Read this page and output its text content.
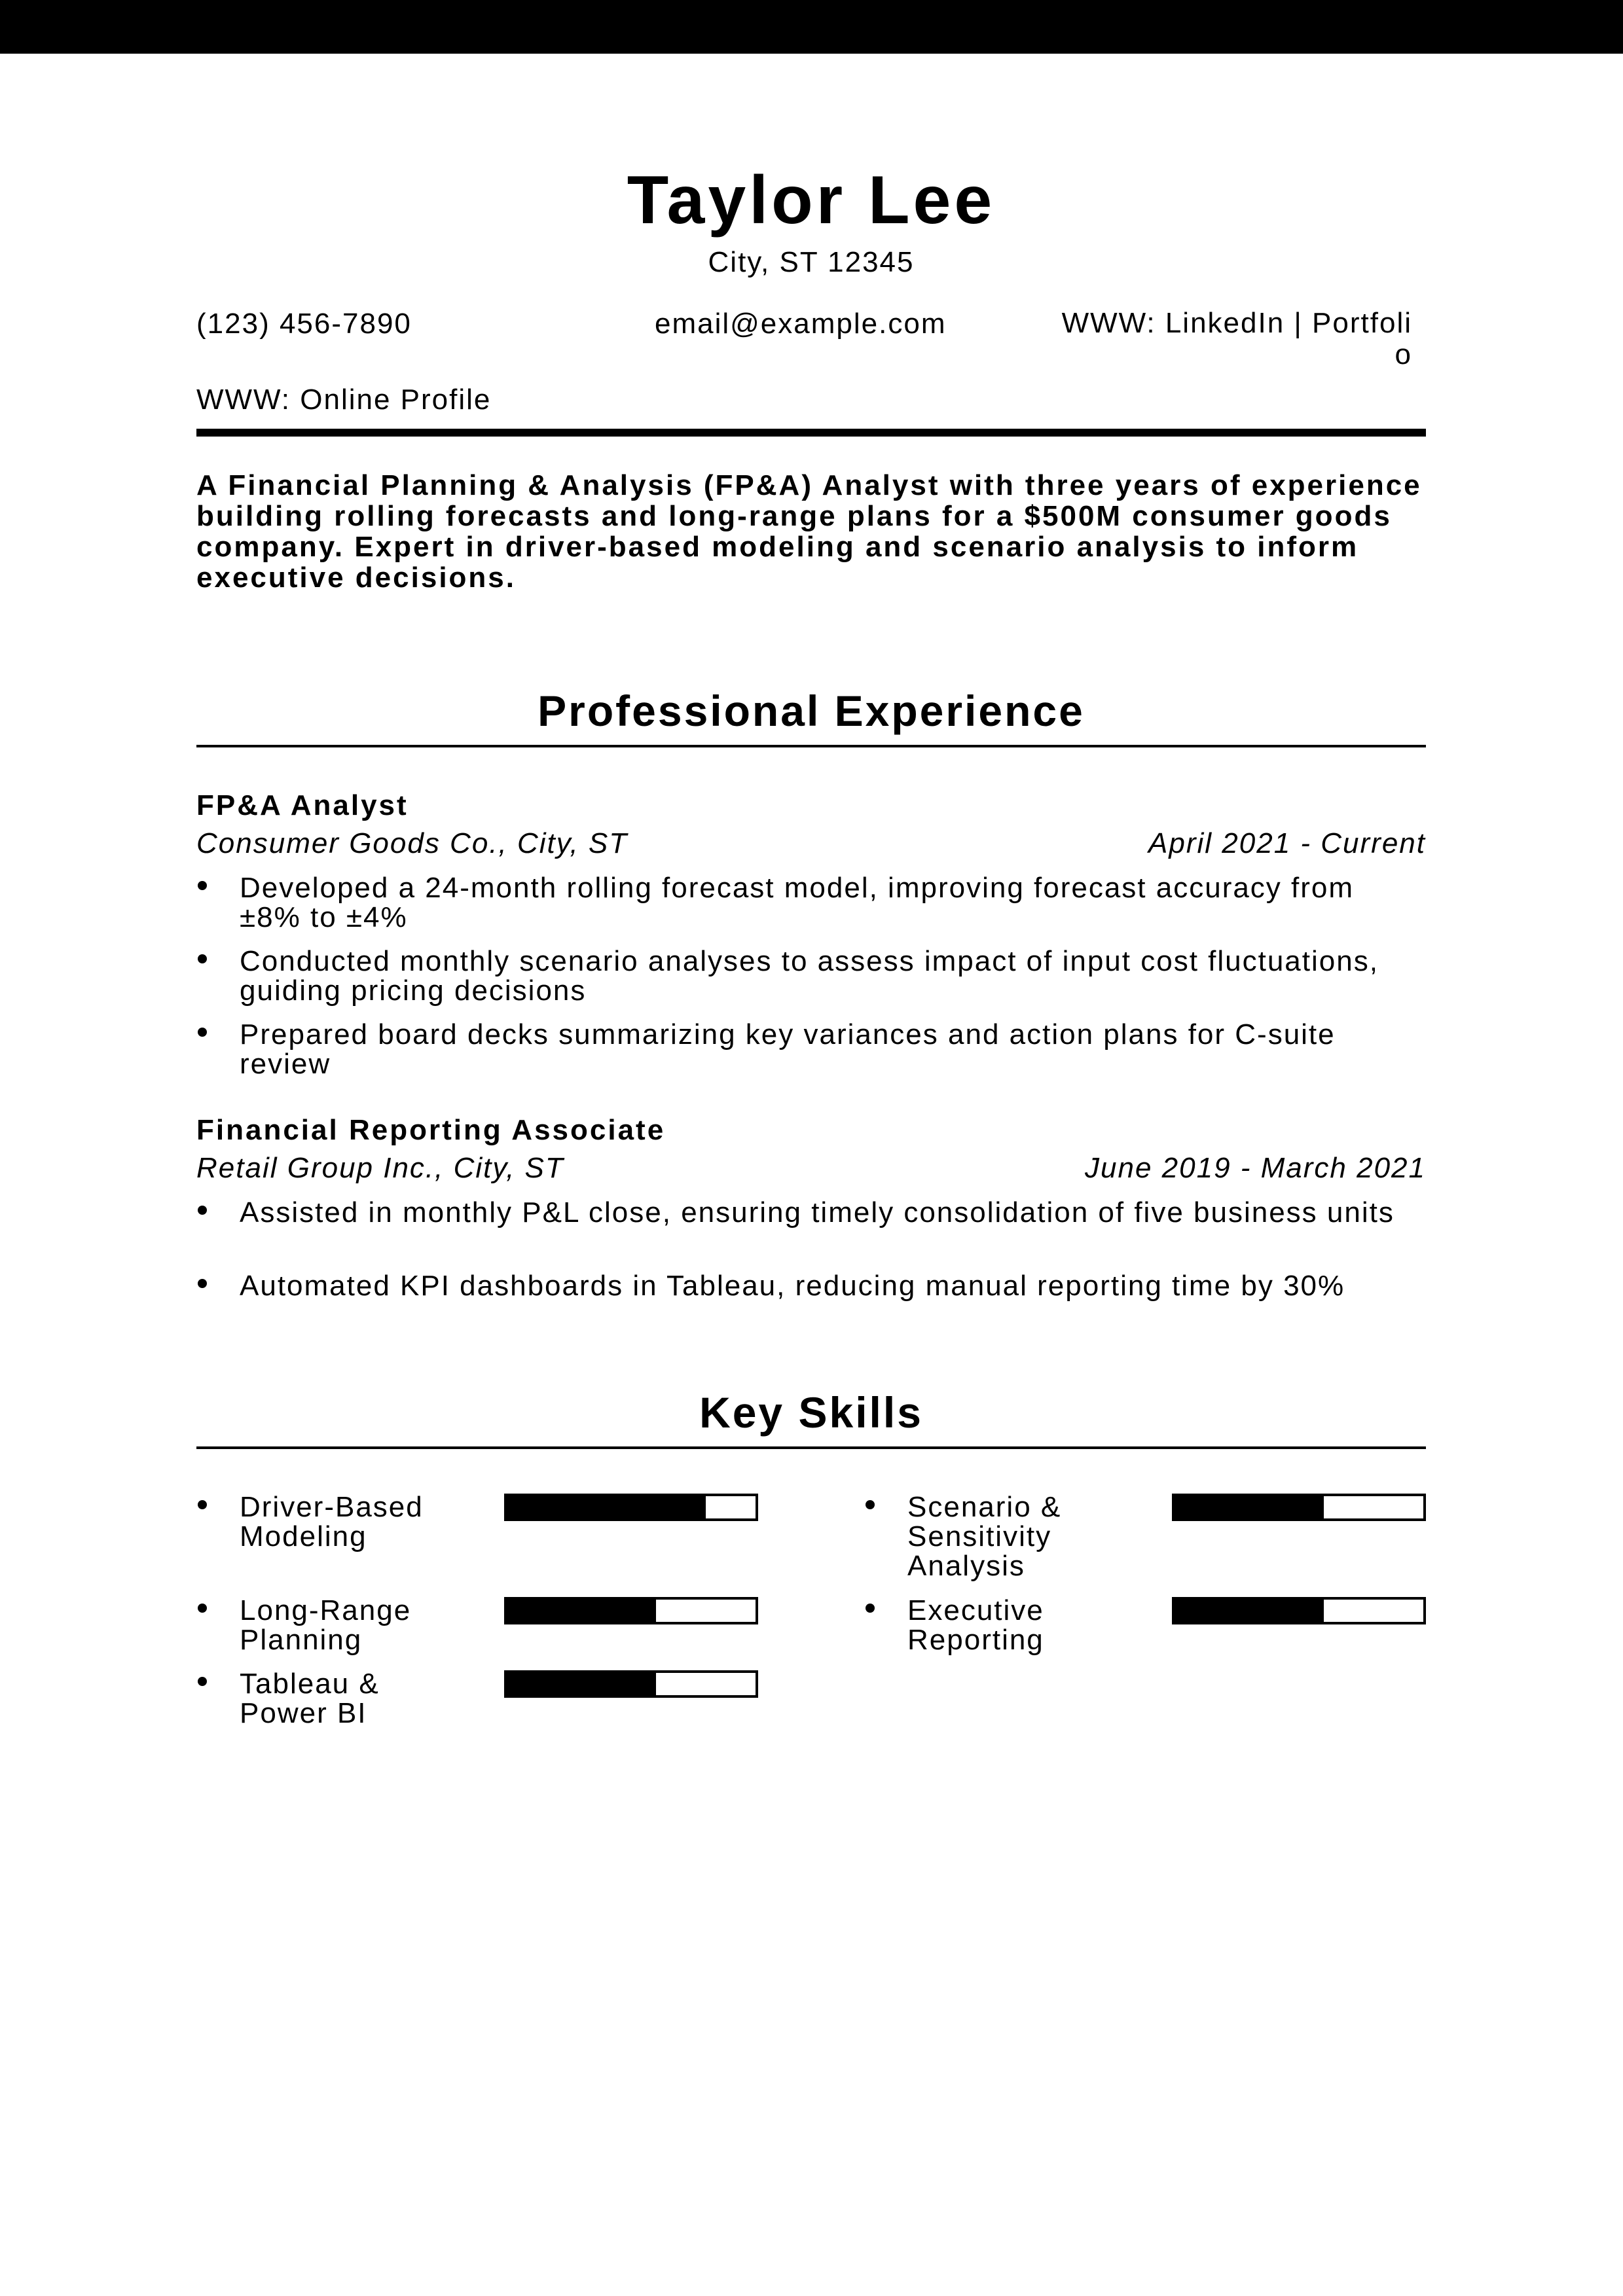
Taylor Lee
City, ST 12345
(123) 456-7890	email@example.com	WWW: LinkedIn | Portfolio
WWW: Online Profile
A Financial Planning & Analysis (FP&A) Analyst with three years of experience building rolling forecasts and long-range plans for a $500M consumer goods company. Expert in driver-based modeling and scenario analysis to inform executive decisions.
Professional Experience
FP&A Analyst
Consumer Goods Co., City, ST	April 2021 - Current
Developed a 24-month rolling forecast model, improving forecast accuracy from ±8% to ±4%
Conducted monthly scenario analyses to assess impact of input cost fluctuations, guiding pricing decisions
Prepared board decks summarizing key variances and action plans for C-suite review
Financial Reporting Associate
Retail Group Inc., City, ST	June 2019 - March 2021
Assisted in monthly P&L close, ensuring timely consolidation of five business units
Automated KPI dashboards in Tableau, reducing manual reporting time by 30%
Key Skills
Driver-Based Modeling
Scenario & Sensitivity Analysis
Long-Range Planning
Executive Reporting
Tableau & Power BI
